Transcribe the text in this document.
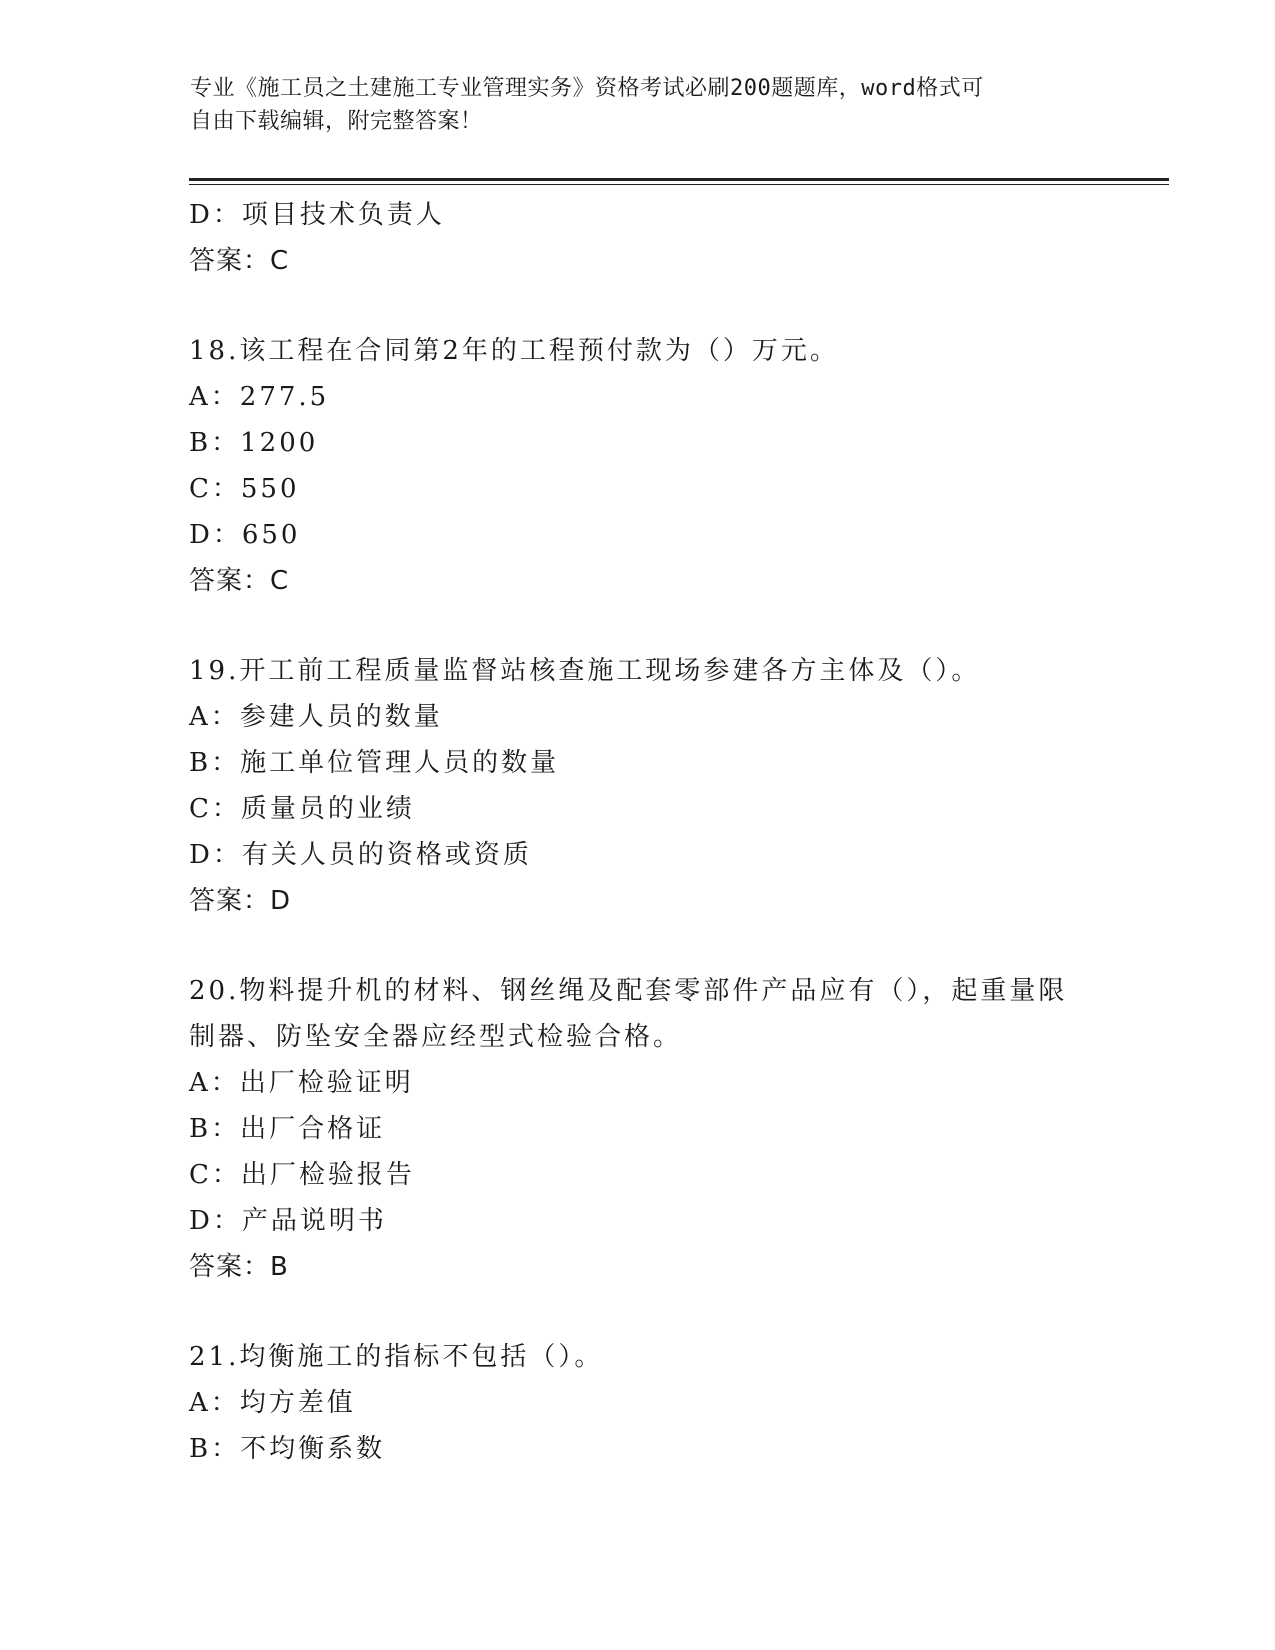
专业《施工员之土建施工专业管理实务》资格考试必刷200题题库，word格式可
自由下载编辑，附完整答案！
D：项目技术负责人
答案：C
18.该工程在合同第2年的工程预付款为（）万元。
A：277.5
B：1200
C：550
D：650
答案：C
19.开工前工程质量监督站核查施工现场参建各方主体及（）。
A：参建人员的数量
B：施工单位管理人员的数量
C：质量员的业绩
D：有关人员的资格或资质
答案：D
20.物料提升机的材料、钢丝绳及配套零部件产品应有（），起重量限
制器、防坠安全器应经型式检验合格。
A：出厂检验证明
B：出厂合格证
C：出厂检验报告
D：产品说明书
答案：B
21.均衡施工的指标不包括（）。
A：均方差值
B：不均衡系数
